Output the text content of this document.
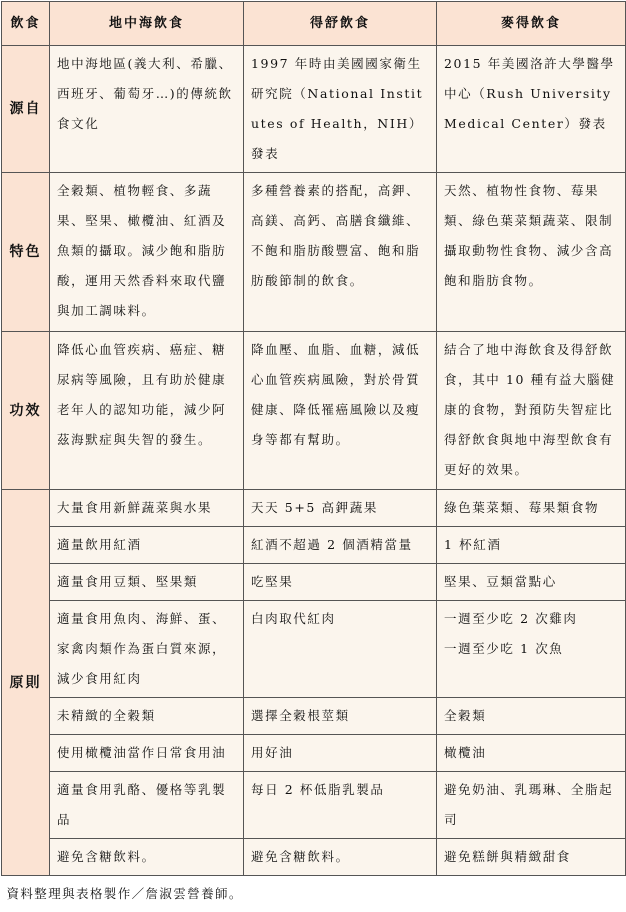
飲食	地中海飲食	得舒飲食	麥得飲食
源自	地中海地區(義大利、希臘、西班牙、葡萄牙…)的傳統飲食文化	1997 年時由美國國家衛生研究院（National Institutes of Health，NIH）發表	2015 年美國洛許大學醫學中心（Rush University Medical Center）發表

特色	全穀類、植物輕食、多蔬果、堅果、橄欖油、紅酒及魚類的攝取。減少飽和脂肪酸，運用天然香料來取代鹽與加工調味料。	多種營養素的搭配，高鉀、高鎂、高鈣、高膳食纖維、不飽和脂肪酸豐富、飽和脂肪酸節制的飲食。	天然、植物性食物、莓果類、綠色葉菜類蔬菜、限制攝取動物性食物、減少含高飽和脂肪食物。

功效	降低心血管疾病、癌症、糖尿病等風險，且有助於健康老年人的認知功能，減少阿茲海默症與失智的發生。	降血壓、血脂、血糖，減低心血管疾病風險，對於骨質健康、降低罹癌風險以及瘦身等都有幫助。	結合了地中海飲食及得舒飲食，其中 10 種有益大腦健康的食物，對預防失智症比得舒飲食與地中海型飲食有更好的效果。

原則	大量食用新鮮蔬菜與水果	天天 5+5 高鉀蔬果	綠色葉菜類、莓果類食物

	適量飲用紅酒	紅酒不超過 2 個酒精當量	1 杯紅酒

	適量食用豆類、堅果類	吃堅果	堅果、豆類當點心

	適量食用魚肉、海鮮、蛋、家禽肉類作為蛋白質來源，減少食用紅肉	白肉取代紅肉	一週至少吃 2 次雞肉
一週至少吃 1 次魚

	未精緻的全穀類	選擇全穀根莖類	全穀類

	使用橄欖油當作日常食用油	用好油	橄欖油

	適量食用乳酪、優格等乳製品	每日 2 杯低脂乳製品	避免奶油、乳瑪琳、全脂起司

	避免含糖飲料。	避免含糖飲料。	避免糕餅與精緻甜食

資料整理與表格製作／詹淑雲營養師。			
